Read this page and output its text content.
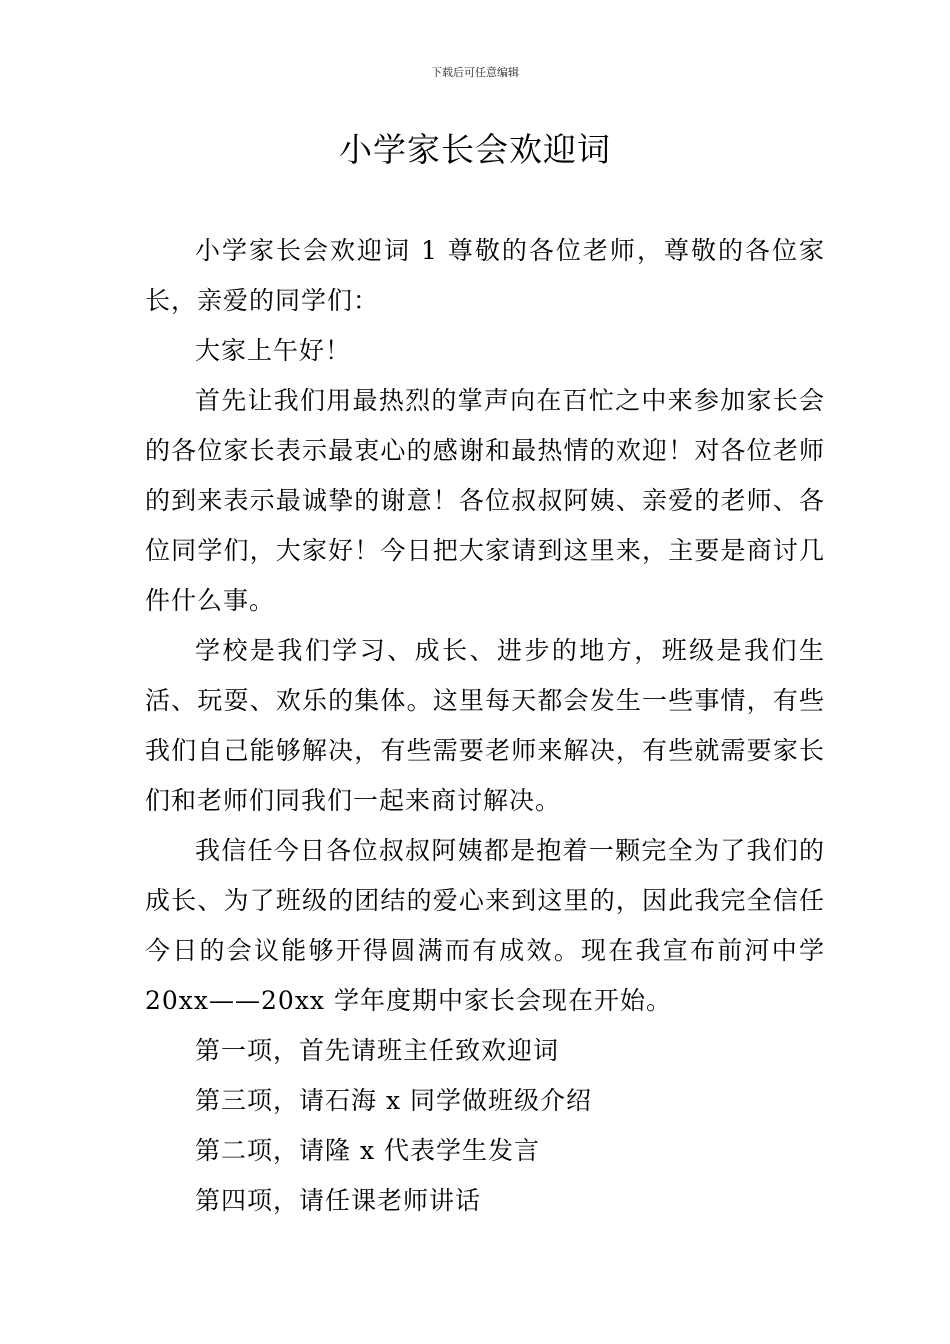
下载后可任意编辑
小学家长会欢迎词

小学家长会欢迎词 1 尊敬的各位老师，尊敬的各位家长，亲爱的同学们：

大家上午好！

首先让我们用最热烈的掌声向在百忙之中来参加家长会的各位家长表示最衷心的感谢和最热情的欢迎！对各位老师的到来表示最诚挚的谢意！各位叔叔阿姨、亲爱的老师、各位同学们，大家好！今日把大家请到这里来，主要是商讨几件什么事。

学校是我们学习、成长、进步的地方，班级是我们生活、玩耍、欢乐的集体。这里每天都会发生一些事情，有些我们自己能够解决，有些需要老师来解决，有些就需要家长们和老师们同我们一起来商讨解决。

我信任今日各位叔叔阿姨都是抱着一颗完全为了我们的成长、为了班级的团结的爱心来到这里的，因此我完全信任今日的会议能够开得圆满而有成效。现在我宣布前河中学 20xx——20xx 学年度期中家长会现在开始。

第一项，首先请班主任致欢迎词

第三项，请石海 x 同学做班级介绍

第二项，请隆 x 代表学生发言

第四项，请任课老师讲话
